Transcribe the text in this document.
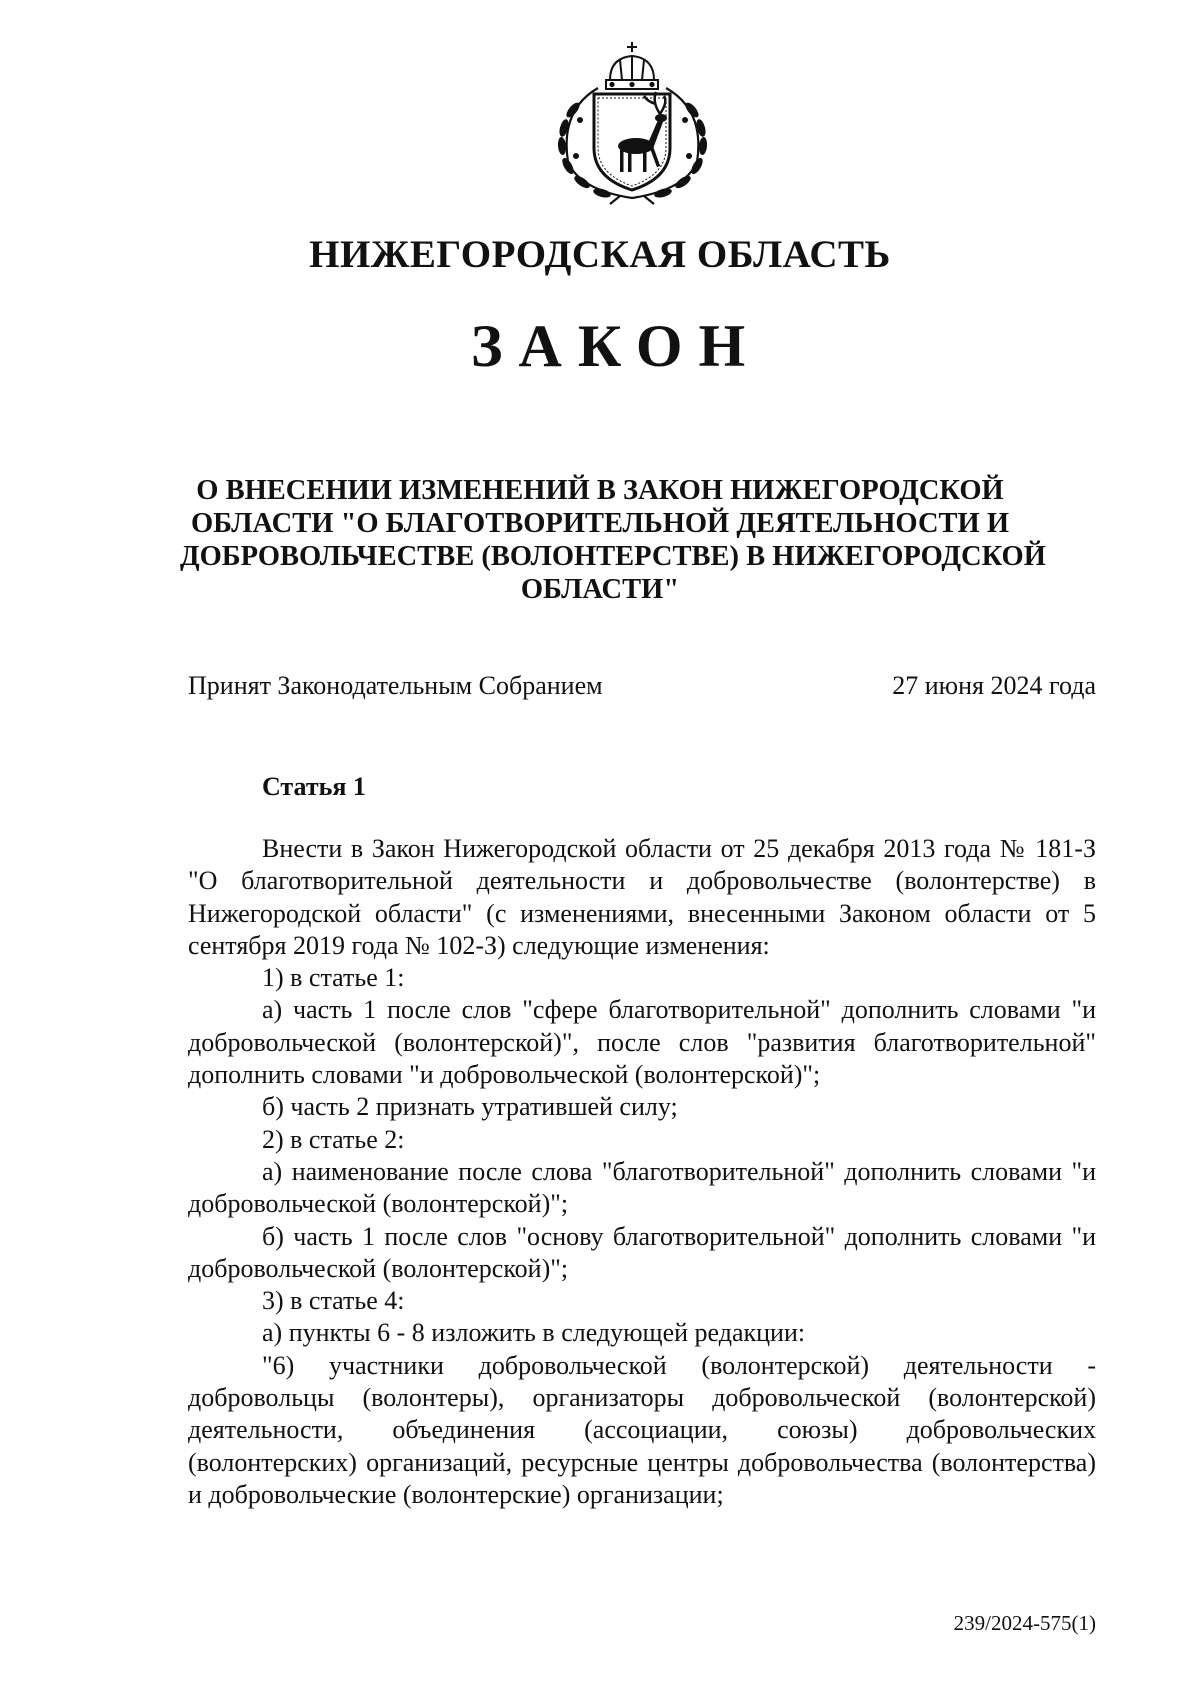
НИЖЕГОРОДСКАЯ ОБЛАСТЬ
ЗАКОН
О ВНЕСЕНИИ ИЗМЕНЕНИЙ В ЗАКОН НИЖЕГОРОДСКОЙ
ОБЛАСТИ "О БЛАГОТВОРИТЕЛЬНОЙ ДЕЯТЕЛЬНОСТИ И
ДОБРОВОЛЬЧЕСТВЕ (ВОЛОНТЕРСТВЕ) В НИЖЕГОРОДСКОЙ
ОБЛАСТИ"
Принят Законодательным Собранием	27 июня 2024 года
Статья 1
Внести в Закон Нижегородской области от 25 декабря 2013 года № 181-З "О благотворительной деятельности и добровольчестве (волонтерстве) в Нижегородской области" (с изменениями, внесенными Законом области от 5 сентября 2019 года № 102-З) следующие изменения:
1) в статье 1:
а) часть 1 после слов "сфере благотворительной" дополнить словами "и добровольческой (волонтерской)", после слов "развития благотворительной" дополнить словами "и добровольческой (волонтерской)";
б) часть 2 признать утратившей силу;
2) в статье 2:
а) наименование после слова "благотворительной" дополнить словами "и добровольческой (волонтерской)";
б) часть 1 после слов "основу благотворительной" дополнить словами "и добровольческой (волонтерской)";
3) в статье 4:
а) пункты 6 - 8 изложить в следующей редакции:
"6) участники добровольческой (волонтерской) деятельности - добровольцы (волонтеры), организаторы добровольческой (волонтерской) деятельности, объединения (ассоциации, союзы) добровольческих (волонтерских) организаций, ресурсные центры добровольчества (волонтерства) и добровольческие (волонтерские) организации;
239/2024-575(1)
